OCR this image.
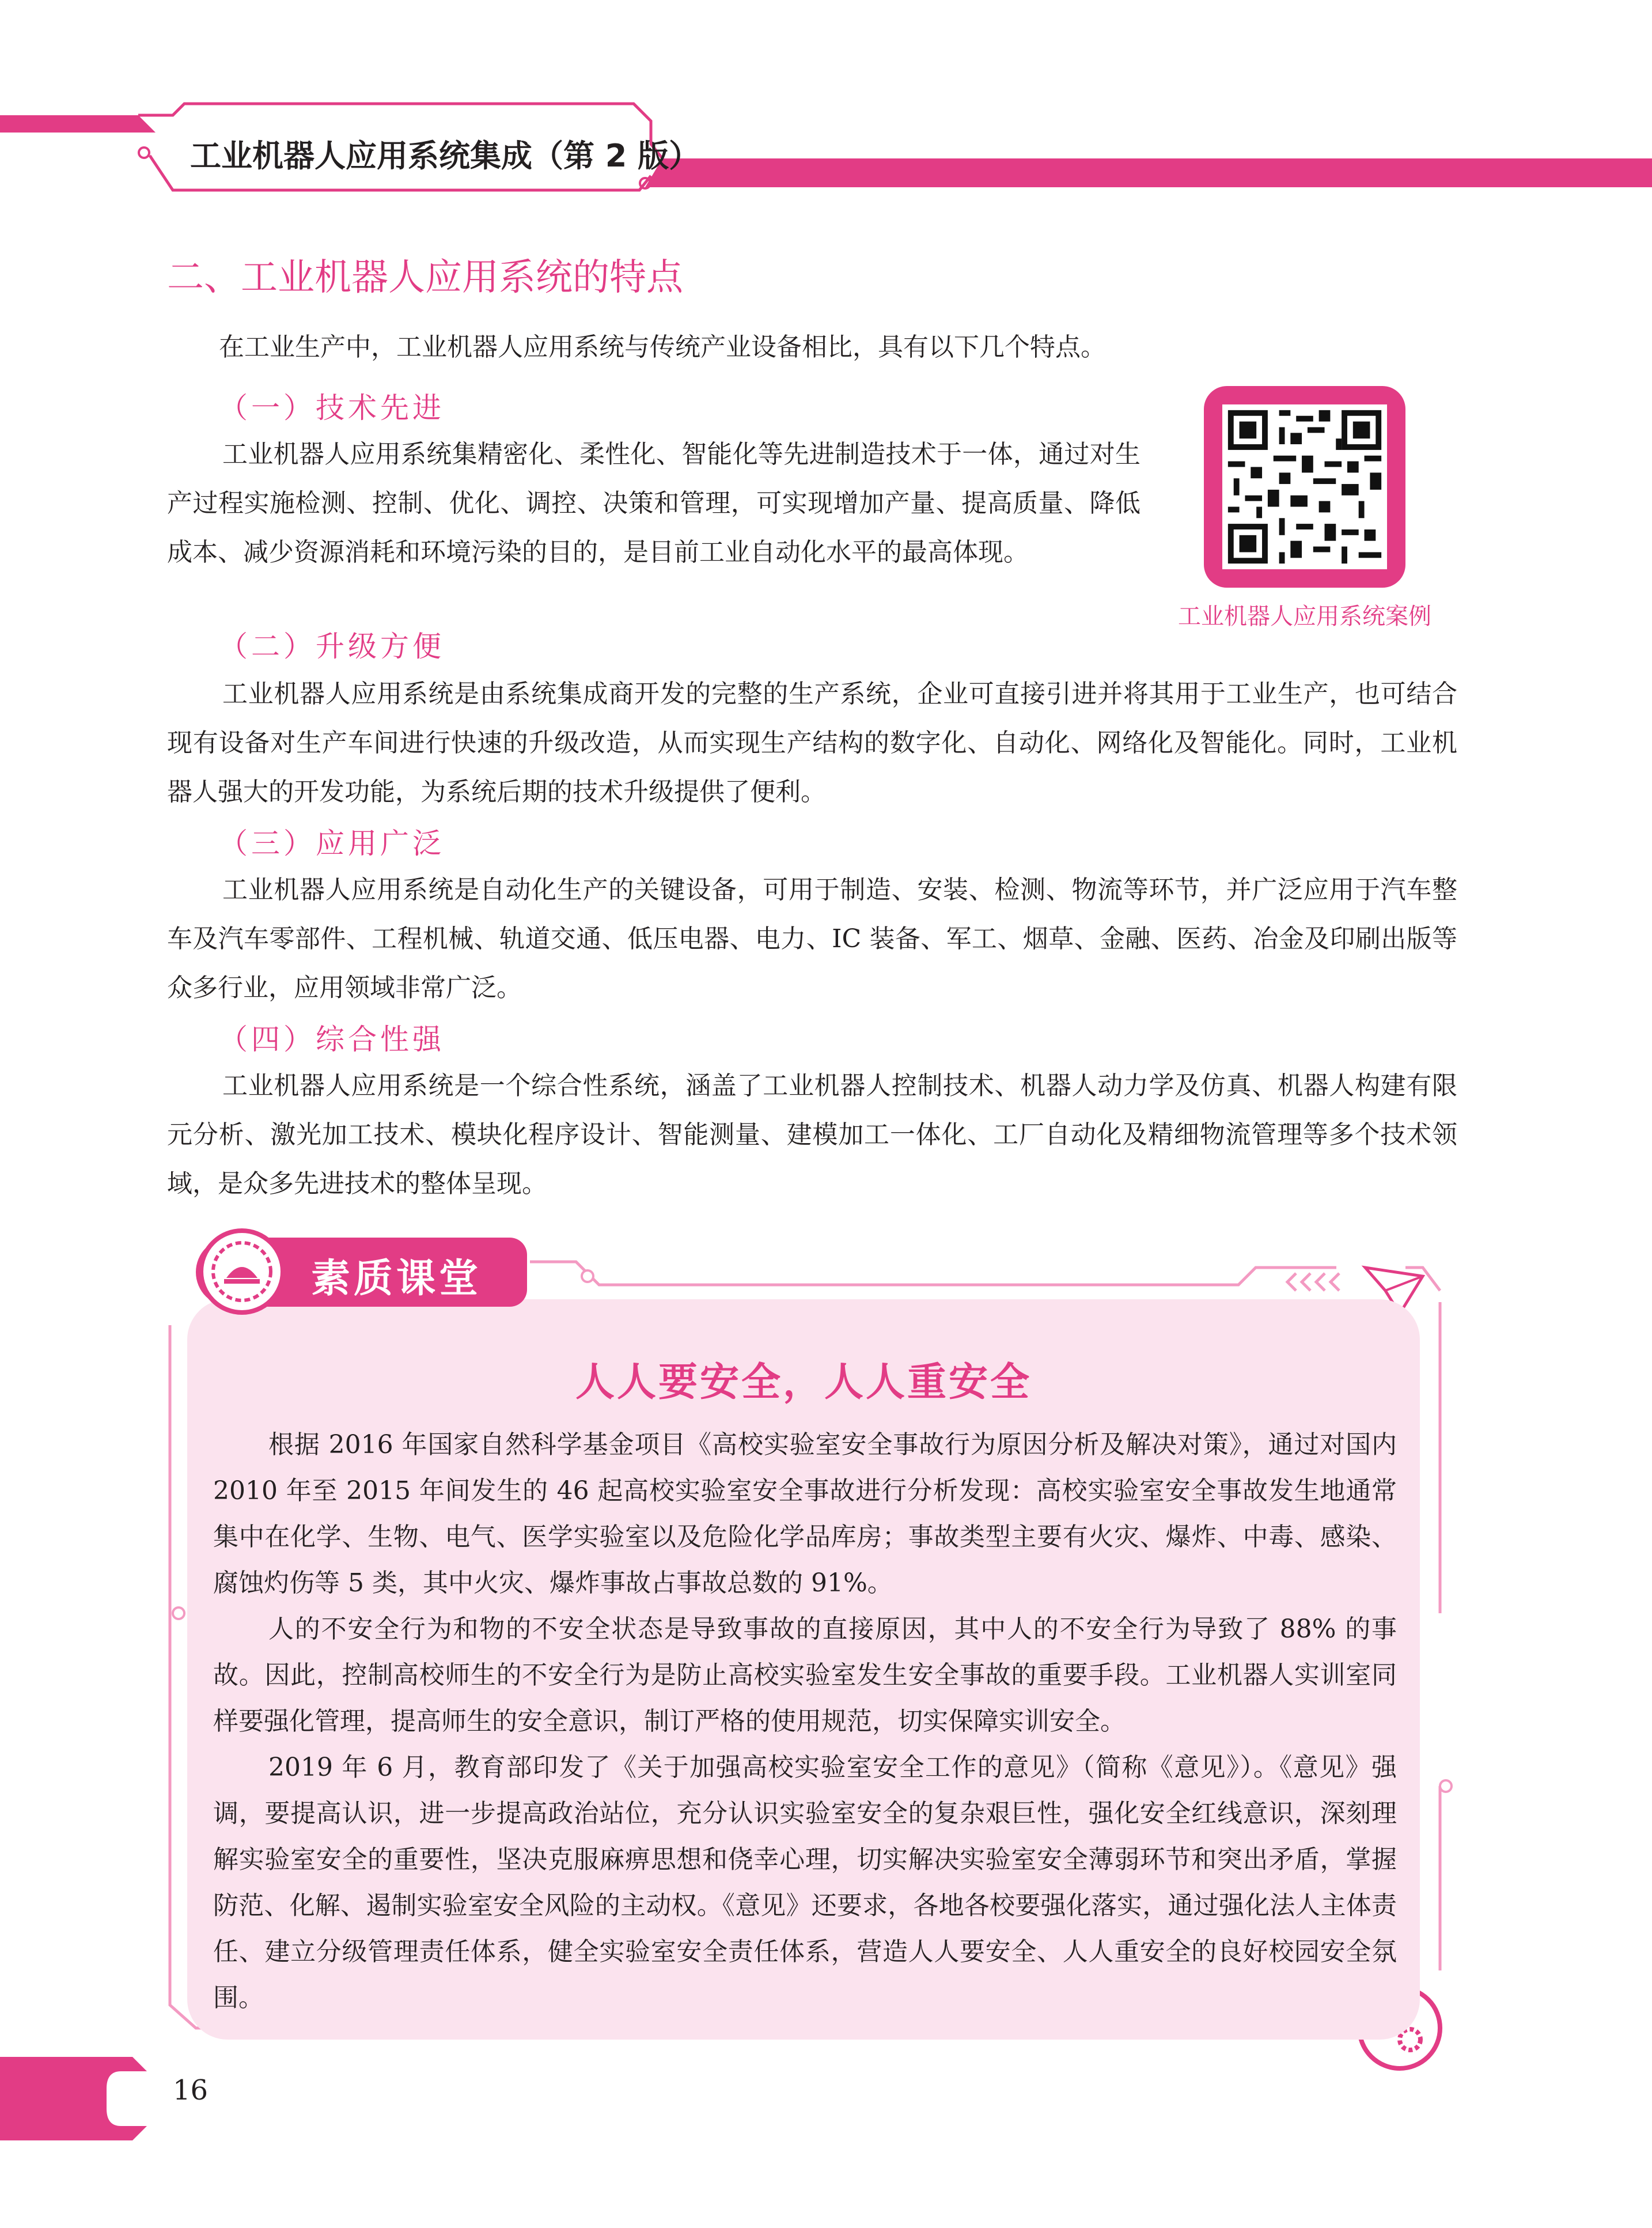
工业机器人应用系统集成（第 2 版）
二、工业机器人应用系统的特点
在工业生产中，工业机器人应用系统与传统产业设备相比，具有以下几个特点。
（一）技术先进
工业机器人应用系统集精密化、柔性化、智能化等先进制造技术于一体，通过对生产过程实施检测、控制、优化、调控、决策和管理，可实现增加产量、提高质量、降低成本、减少资源消耗和环境污染的目的，是目前工业自动化水平的最高体现。
（二）升级方便
工业机器人应用系统是由系统集成商开发的完整的生产系统，企业可直接引进并将其用于工业生产，也可结合现有设备对生产车间进行快速的升级改造，从而实现生产结构的数字化、自动化、网络化及智能化。同时，工业机器人强大的开发功能，为系统后期的技术升级提供了便利。
（三）应用广泛
工业机器人应用系统是自动化生产的关键设备，可用于制造、安装、检测、物流等环节，并广泛应用于汽车整车及汽车零部件、工程机械、轨道交通、低压电器、电力、IC 装备、军工、烟草、金融、医药、冶金及印刷出版等众多行业，应用领域非常广泛。
（四）综合性强
工业机器人应用系统是一个综合性系统，涵盖了工业机器人控制技术、机器人动力学及仿真、机器人构建有限元分析、激光加工技术、模块化程序设计、智能测量、建模加工一体化、工厂自动化及精细物流管理等多个技术领域，是众多先进技术的整体呈现。
工业机器人应用系统案例
素质课堂
人人要安全，人人重安全
根据 2016 年国家自然科学基金项目《高校实验室安全事故行为原因分析及解决对策》，通过对国内 2010 年至 2015 年间发生的 46 起高校实验室安全事故进行分析发现：高校实验室安全事故发生地通常集中在化学、生物、电气、医学实验室以及危险化学品库房；事故类型主要有火灾、爆炸、中毒、感染、腐蚀灼伤等 5 类，其中火灾、爆炸事故占事故总数的 91%。
人的不安全行为和物的不安全状态是导致事故的直接原因，其中人的不安全行为导致了 88% 的事故。因此，控制高校师生的不安全行为是防止高校实验室发生安全事故的重要手段。工业机器人实训室同样要强化管理，提高师生的安全意识，制订严格的使用规范，切实保障实训安全。
2019 年 6 月，教育部印发了《关于加强高校实验室安全工作的意见》（简称《意见》）。《意见》强调，要提高认识，进一步提高政治站位，充分认识实验室安全的复杂艰巨性，强化安全红线意识，深刻理解实验室安全的重要性，坚决克服麻痹思想和侥幸心理，切实解决实验室安全薄弱环节和突出矛盾，掌握防范、化解、遏制实验室安全风险的主动权。《意见》还要求，各地各校要强化落实，通过强化法人主体责任、建立分级管理责任体系，健全实验室安全责任体系，营造人人要安全、人人重安全的良好校园安全氛围。
16
